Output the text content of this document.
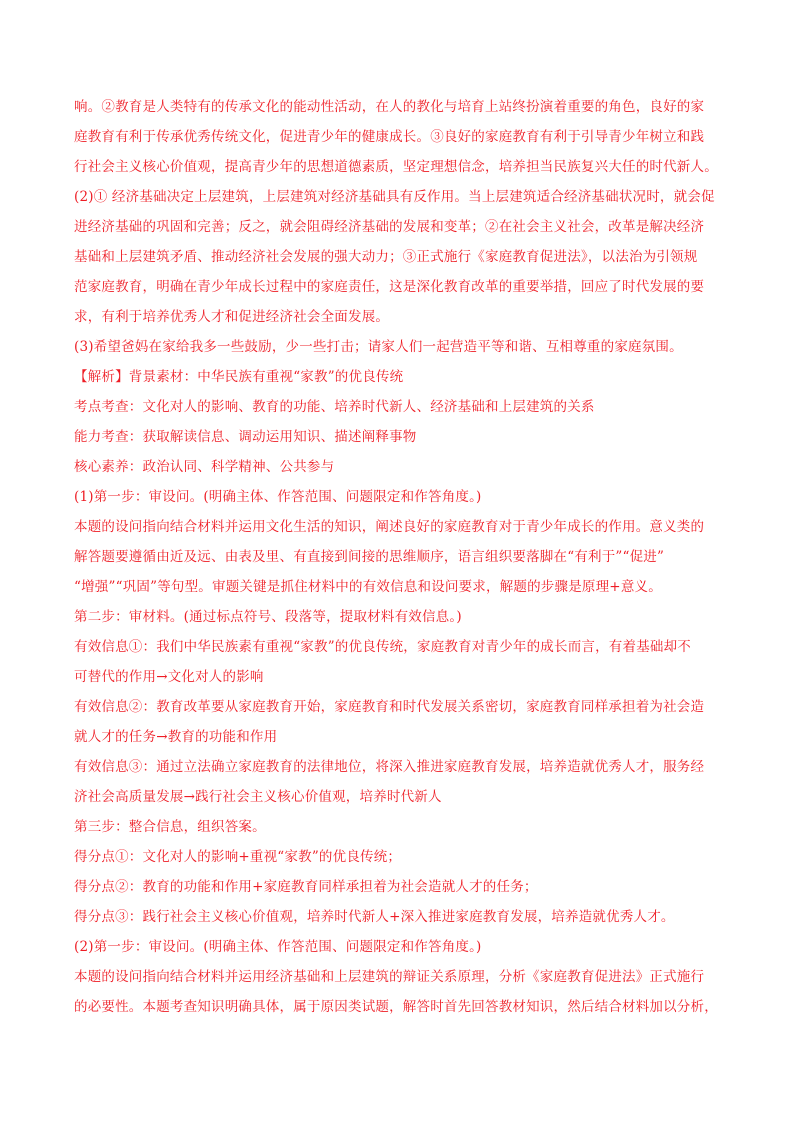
响。②教育是人类特有的传承文化的能动性活动，在人的教化与培育上站终扮演着重要的角色，良好的家

庭教育有利于传承优秀传统文化，促进青少年的健康成长。③良好的家庭教育有利于引导青少年树立和践

行社会主义核心价值观，提高青少年的思想道德素质，坚定理想信念，培养担当民族复兴大任的时代新人。

(2)① 经济基础决定上层建筑，上层建筑对经济基础具有反作用。当上层建筑适合经济基础状况时，就会促

进经济基础的巩固和完善；反之，就会阻碍经济基础的发展和变革；②在社会主义社会，改革是解决经济

基础和上层建筑矛盾、推动经济社会发展的强大动力；③正式施行《家庭教育促进法》，以法治为引领规

范家庭教育，明确在青少年成长过程中的家庭责任，这是深化教育改革的重要举措，回应了时代发展的要

求，有利于培养优秀人才和促进经济社会全面发展。

(3)希望爸妈在家给我多一些鼓励，少一些打击；请家人们一起营造平等和谐、互相尊重的家庭氛围。

【解析】背景素材：中华民族有重视“家教”的优良传统

考点考查：文化对人的影响、教育的功能、培养时代新人、经济基础和上层建筑的关系

能力考查：获取解读信息、调动运用知识、描述阐释事物

核心素养：政治认同、科学精神、公共参与

(1)第一步：审设问。(明确主体、作答范围、问题限定和作答角度。)

本题的设问指向结合材料并运用文化生活的知识，阐述良好的家庭教育对于青少年成长的作用。意义类的

解答题要遵循由近及远、由表及里、有直接到间接的思维顺序，语言组织要落脚在“有利于”“促进”

“增强”“巩固”等句型。审题关键是抓住材料中的有效信息和设问要求，解题的步骤是原理+意义。

第二步：审材料。(通过标点符号、段落等，提取材料有效信息。)

有效信息①：我们中华民族素有重视“家教”的优良传统，家庭教育对青少年的成长而言，有着基础却不

可替代的作用→文化对人的影响

有效信息②：教育改革要从家庭教育开始，家庭教育和时代发展关系密切，家庭教育同样承担着为社会造

就人才的任务→教育的功能和作用

有效信息③：通过立法确立家庭教育的法律地位，将深入推进家庭教育发展，培养造就优秀人才，服务经

济社会高质量发展→践行社会主义核心价值观，培养时代新人

第三步：整合信息，组织答案。

得分点①：文化对人的影响+重视“家教”的优良传统；

得分点②：教育的功能和作用+家庭教育同样承担着为社会造就人才的任务；

得分点③：践行社会主义核心价值观，培养时代新人+深入推进家庭教育发展，培养造就优秀人才。

(2)第一步：审设问。(明确主体、作答范围、问题限定和作答角度。)

本题的设问指向结合材料并运用经济基础和上层建筑的辩证关系原理，分析《家庭教育促进法》正式施行

的必要性。本题考查知识明确具体，属于原因类试题，解答时首先回答教材知识，然后结合材料加以分析，
